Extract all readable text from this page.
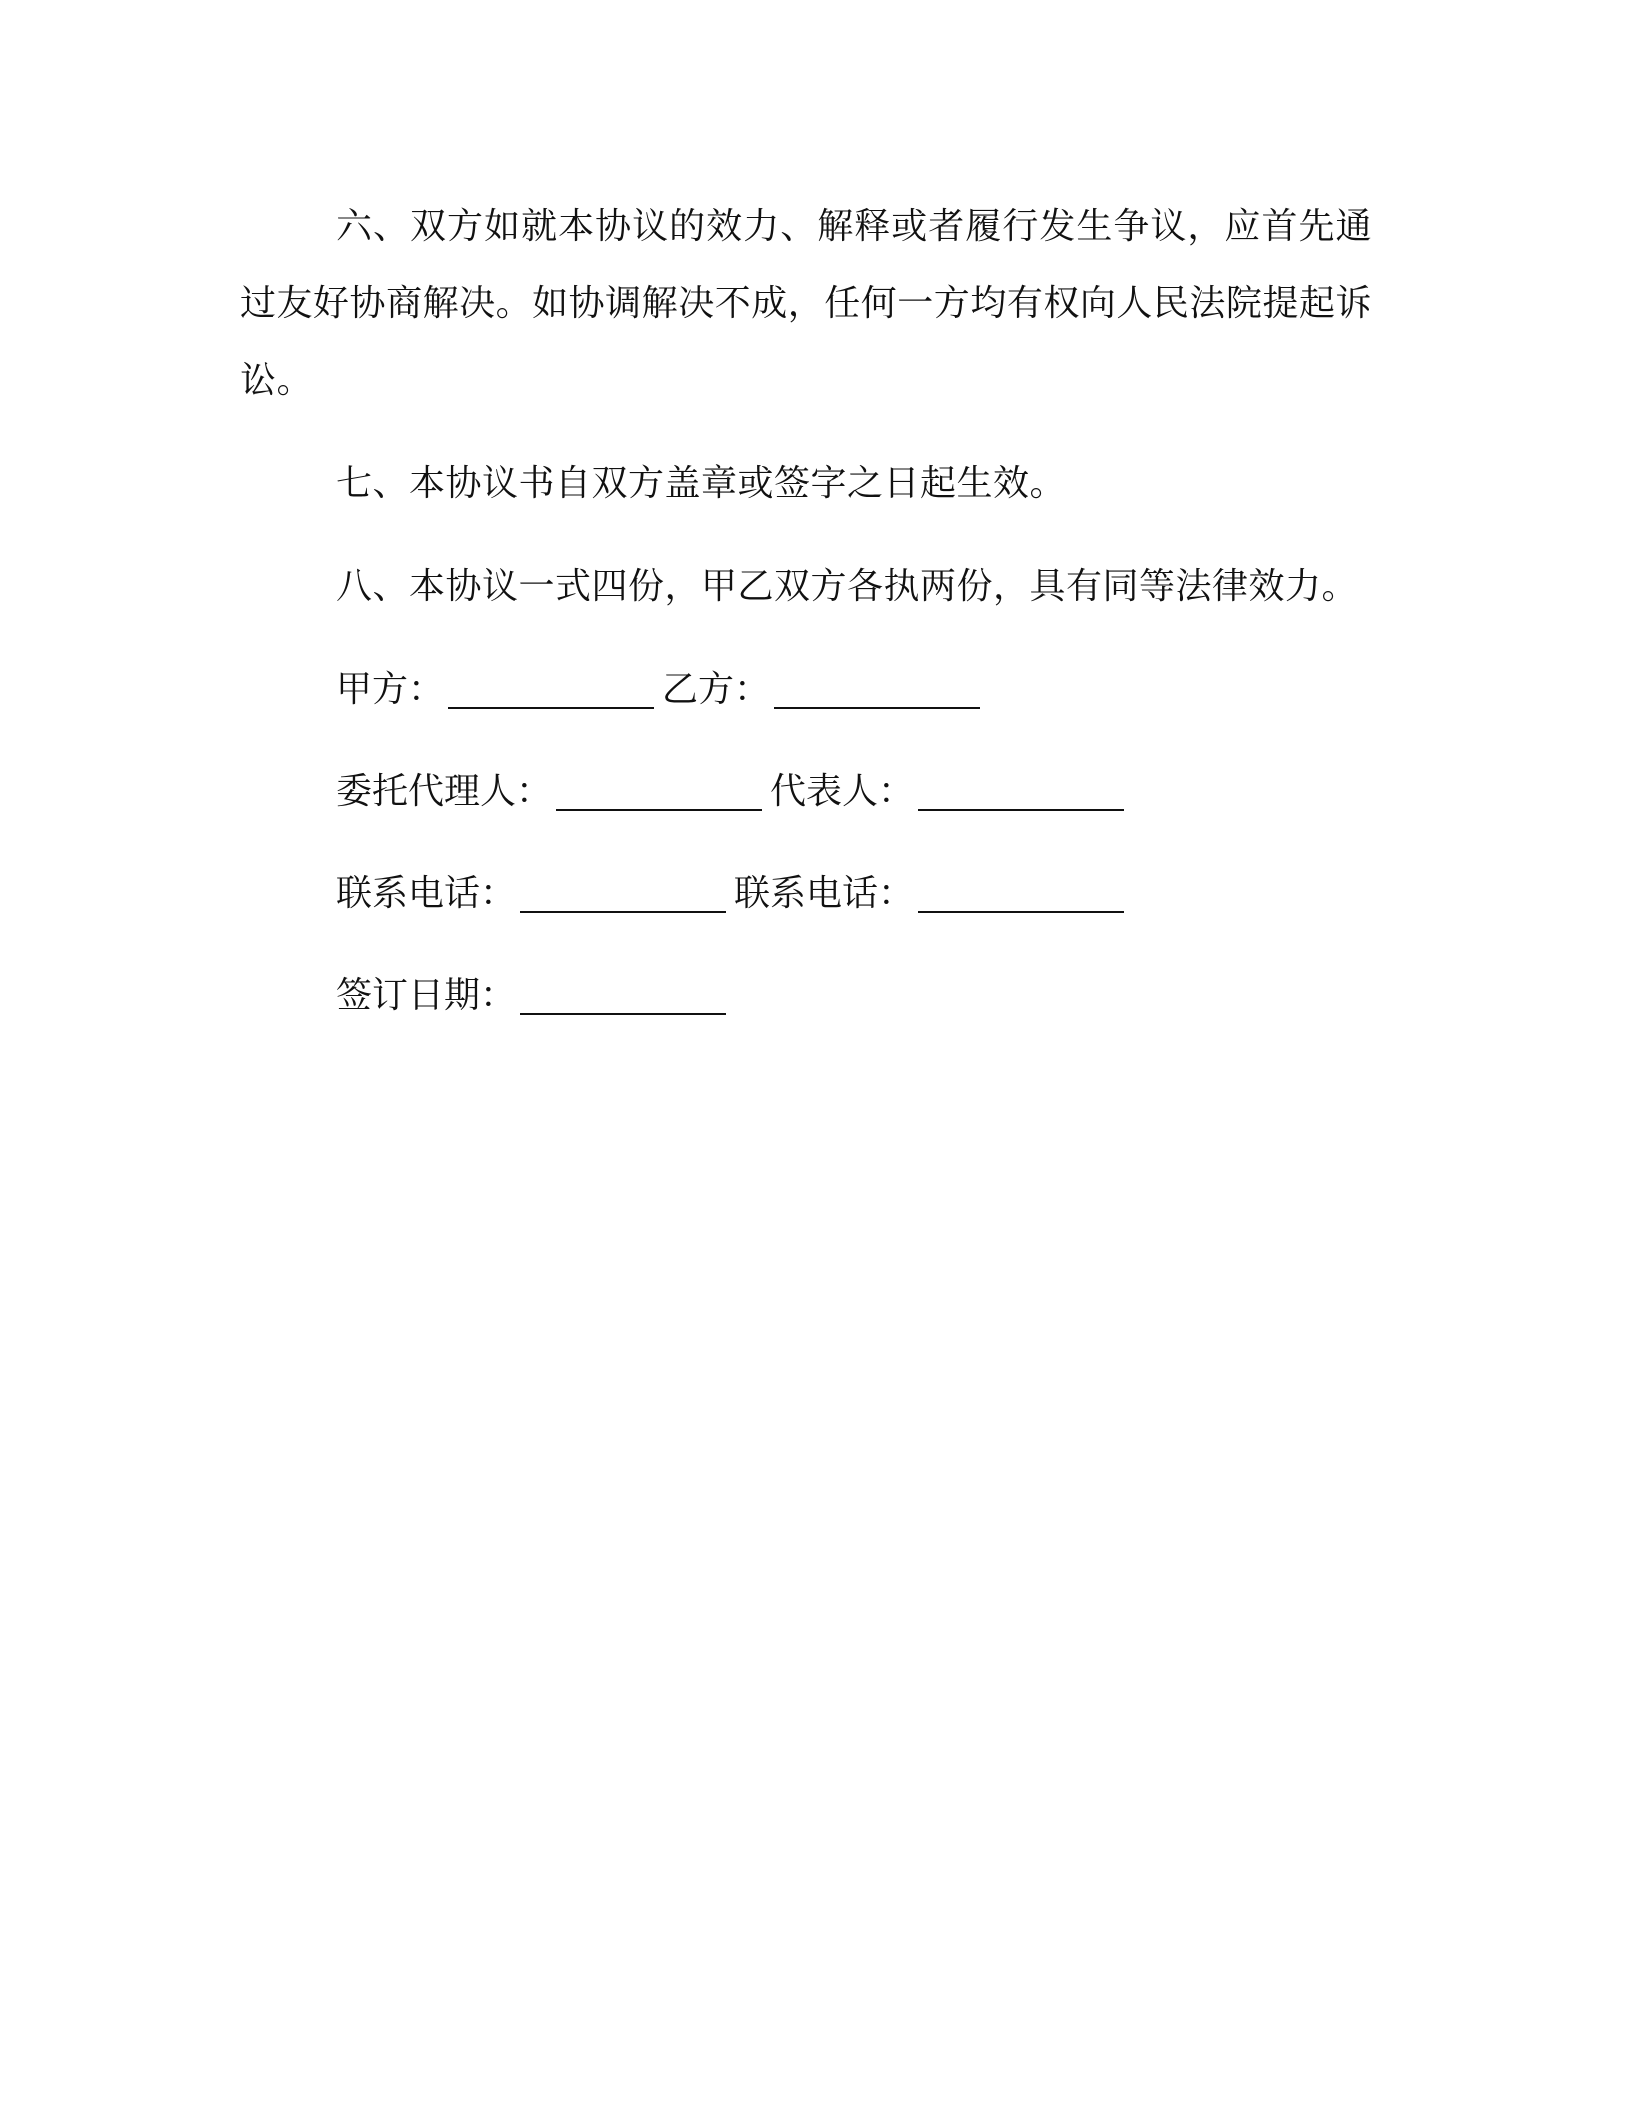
六、双方如就本协议的效力、解释或者履行发生争议，应首先通过友好协商解决。如协调解决不成，任何一方均有权向人民法院提起诉讼。

七、本协议书自双方盖章或签字之日起生效。

八、本协议一式四份，甲乙双方各执两份，具有同等法律效力。

甲方：	乙方：

委托代理人：	代表人：

联系电话：	联系电话：

签订日期：
